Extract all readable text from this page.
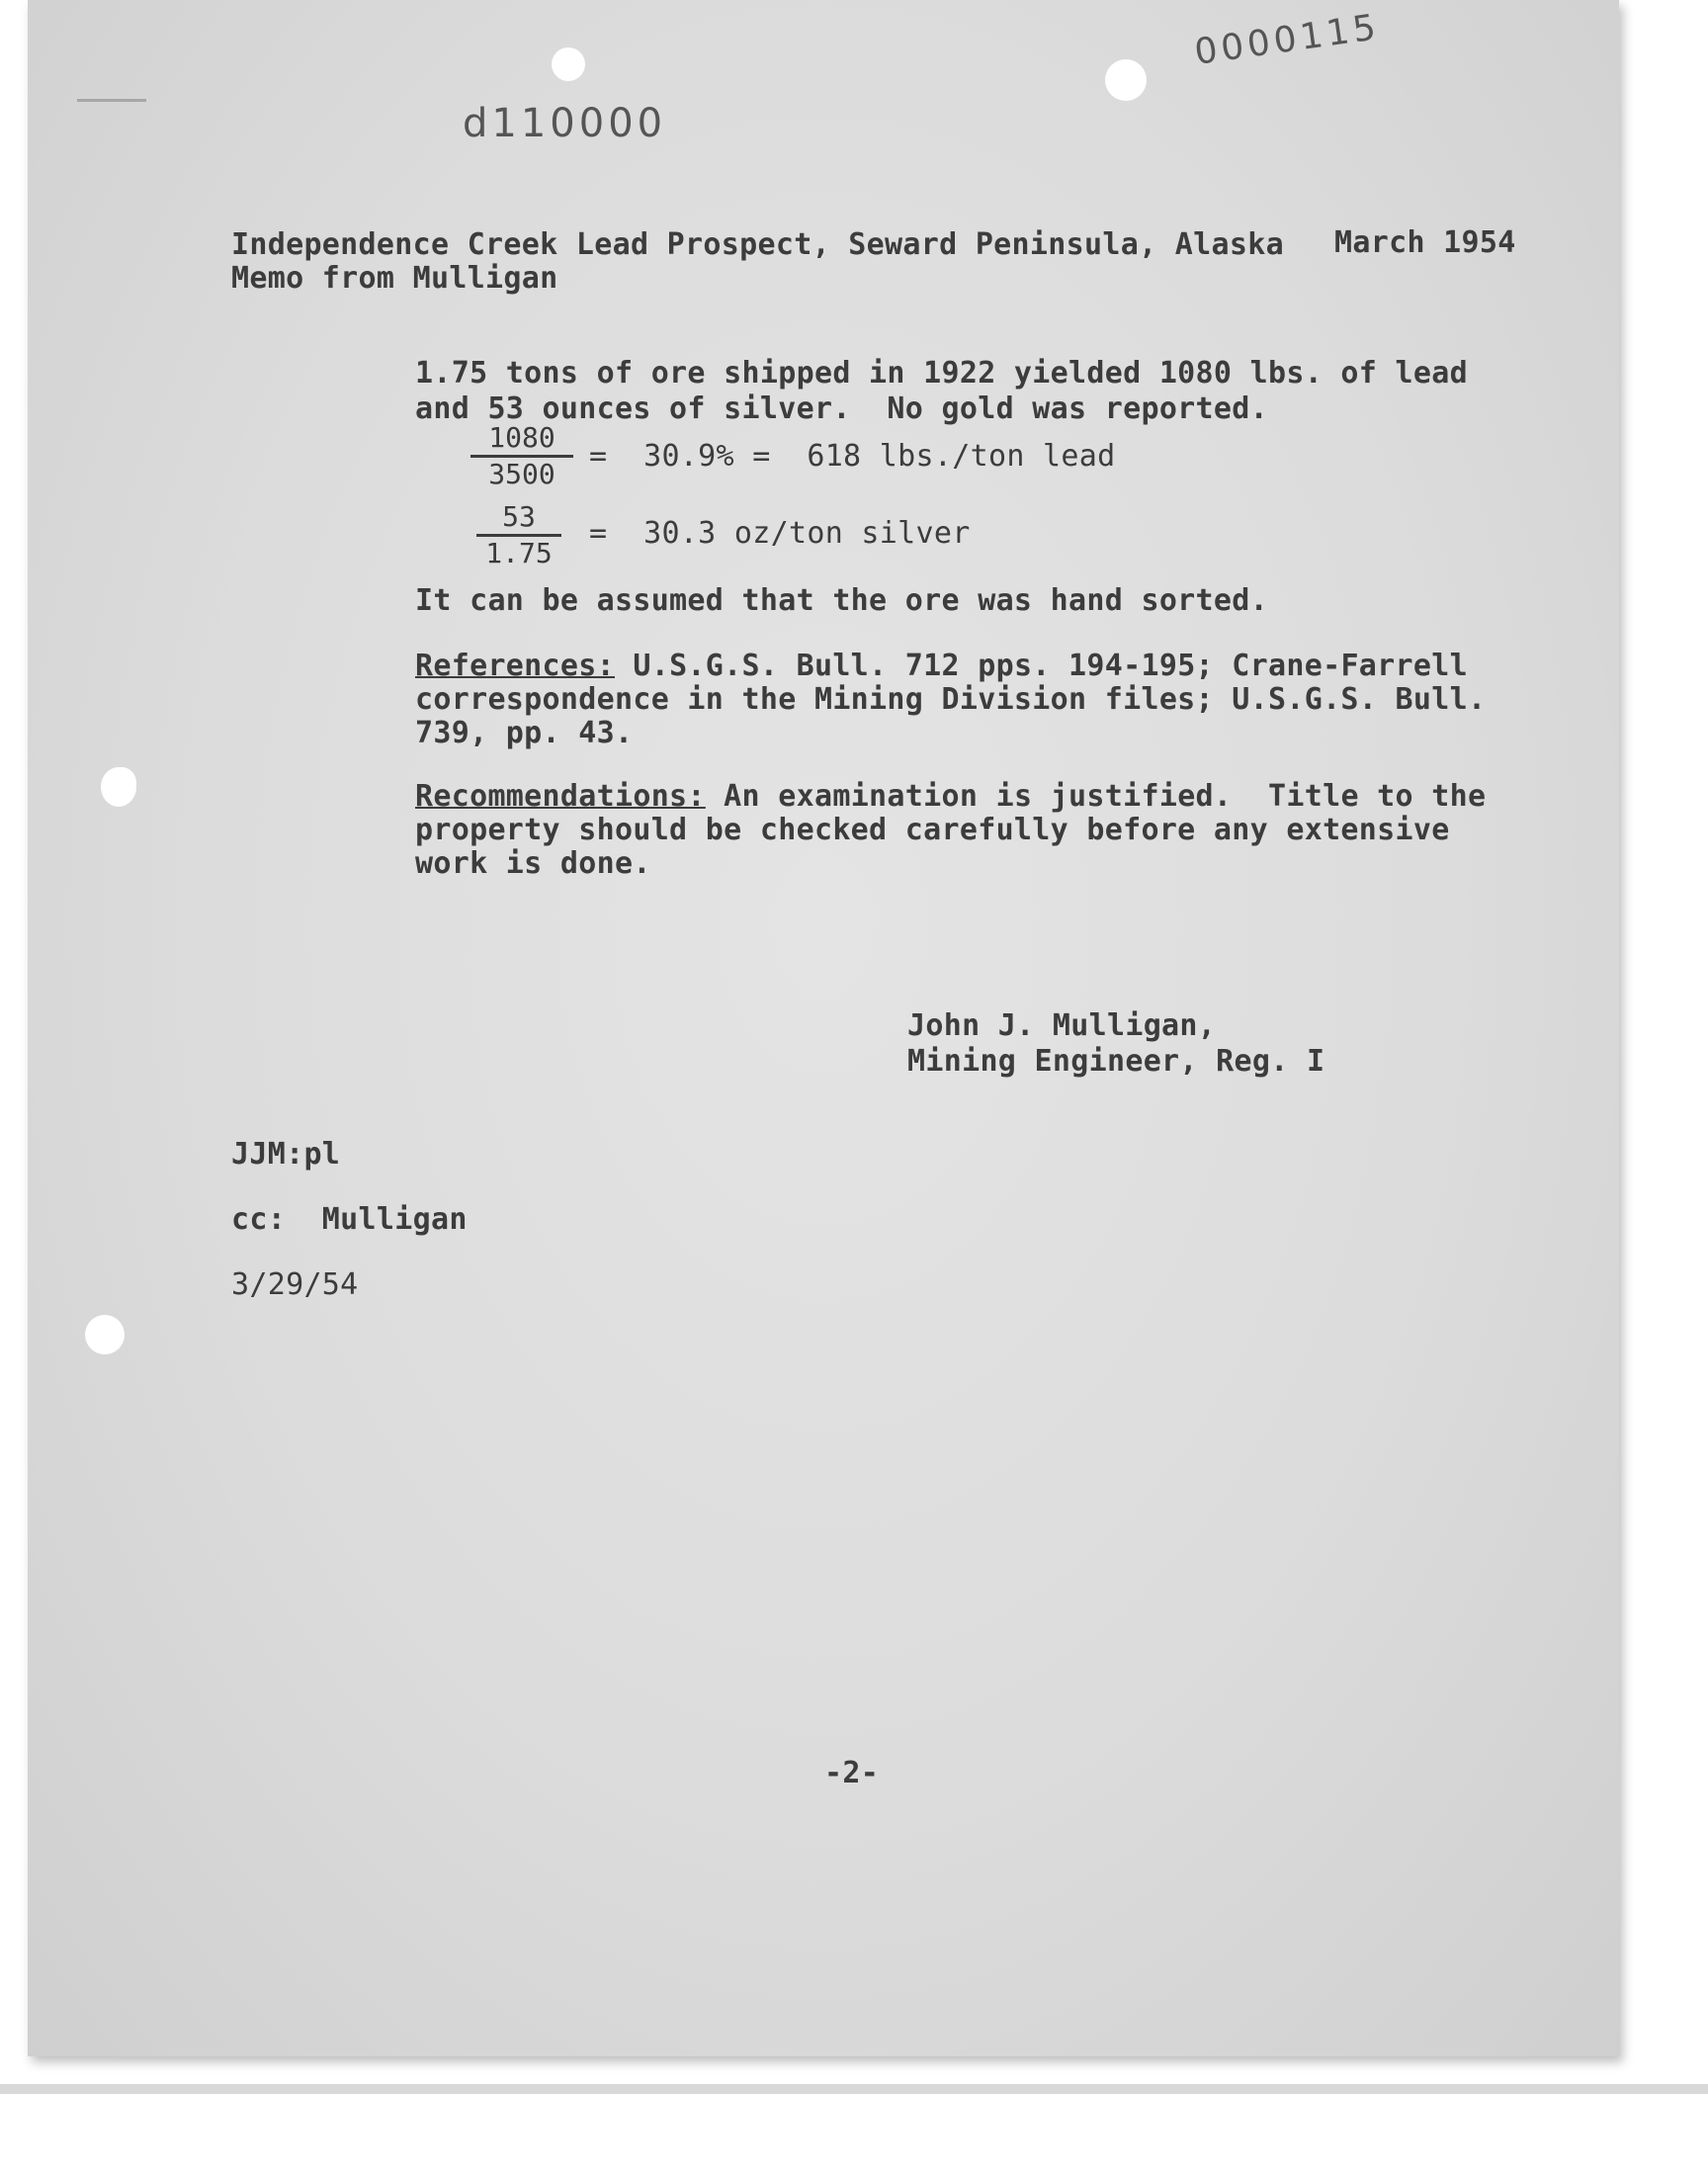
0000115
d110000
Independence Creek Lead Prospect, Seward Peninsula, Alaska March 1954
Memo from Mulligan
1.75 tons of ore shipped in 1922 yielded 1080 lbs. of lead
and 53 ounces of silver.  No gold was reported.
1080
3500
=  30.9% =  618 lbs./ton lead
53
1.75
=  30.3 oz/ton silver
It can be assumed that the ore was hand sorted.
References: U.S.G.S. Bull. 712 pps. 194-195; Crane-Farrell
correspondence in the Mining Division files; U.S.G.S. Bull.
739, pp. 43.
Recommendations: An examination is justified.  Title to the
property should be checked carefully before any extensive
work is done.
John J. Mulligan,
Mining Engineer, Reg. I
JJM:pl
cc:  Mulligan
3/29/54
-2-
